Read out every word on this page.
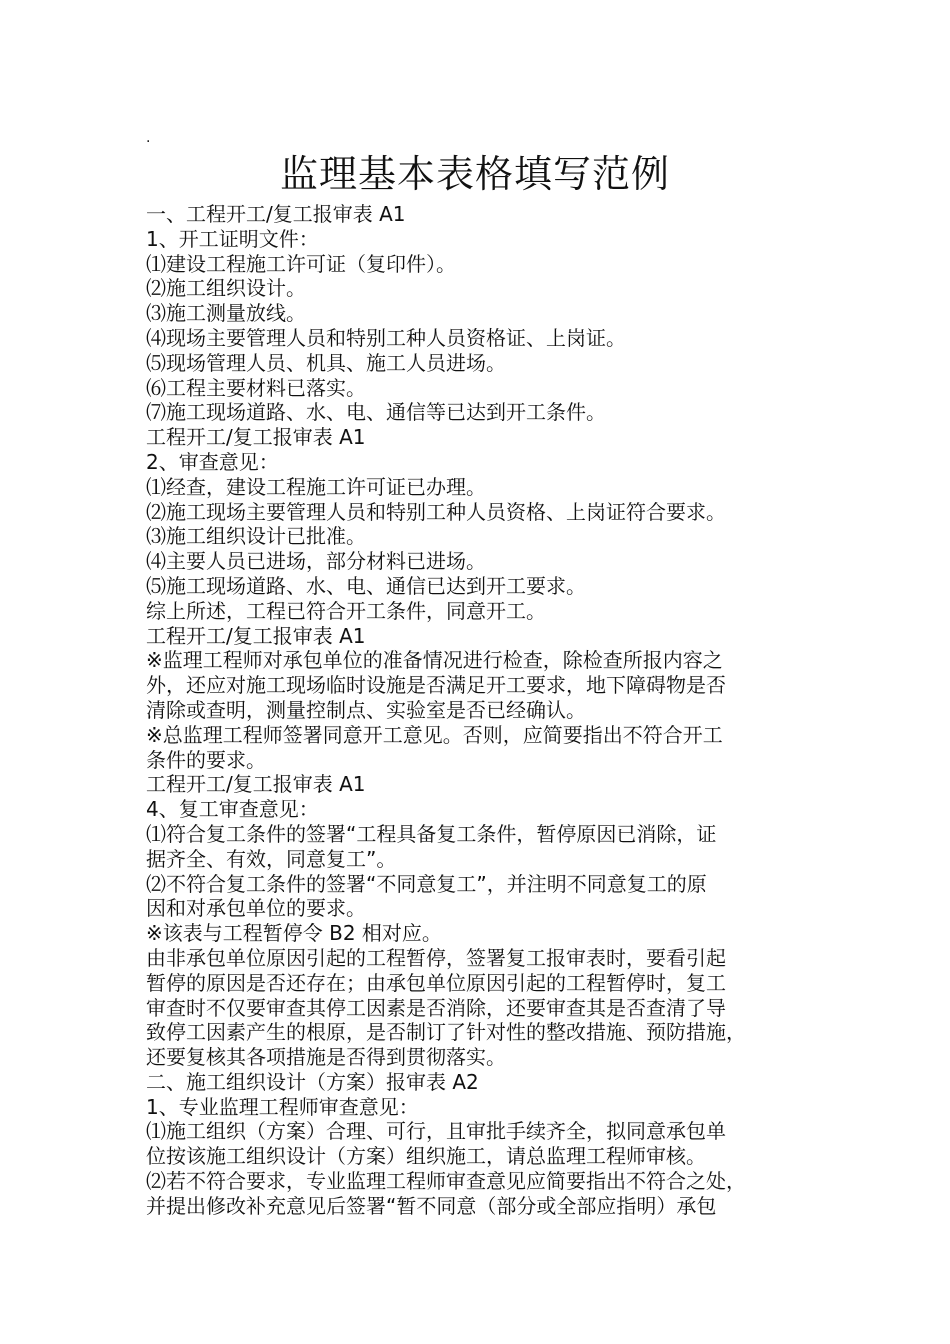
.
监理基本表格填写范例

一、工程开工/复工报审表 A1

1、开工证明文件：

⑴建设工程施工许可证（复印件）。

⑵施工组织设计。

⑶施工测量放线。

⑷现场主要管理人员和特别工种人员资格证、上岗证。

⑸现场管理人员、机具、施工人员进场。

⑹工程主要材料已落实。

⑺施工现场道路、水、电、通信等已达到开工条件。

工程开工/复工报审表 A1

2、审查意见：

⑴经查，建设工程施工许可证已办理。

⑵施工现场主要管理人员和特别工种人员资格、上岗证符合要求。

⑶施工组织设计已批准。

⑷主要人员已进场，部分材料已进场。

⑸施工现场道路、水、电、通信已达到开工要求。

综上所述，工程已符合开工条件，同意开工。

工程开工/复工报审表 A1

※监理工程师对承包单位的准备情况进行检查，除检查所报内容之

外，还应对施工现场临时设施是否满足开工要求，地下障碍物是否

清除或查明，测量控制点、实验室是否已经确认。

※总监理工程师签署同意开工意见。否则，应简要指出不符合开工

条件的要求。

工程开工/复工报审表 A1

4、复工审查意见：

⑴符合复工条件的签署“工程具备复工条件，暂停原因已消除，证

据齐全、有效，同意复工”。

⑵不符合复工条件的签署“不同意复工”，并注明不同意复工的原

因和对承包单位的要求。

※该表与工程暂停令 B2 相对应。

由非承包单位原因引起的工程暂停，签署复工报审表时，要看引起

暂停的原因是否还存在；由承包单位原因引起的工程暂停时，复工

审查时不仅要审查其停工因素是否消除，还要审查其是否查清了导

致停工因素产生的根原，是否制订了针对性的整改措施、预防措施，

还要复核其各项措施是否得到贯彻落实。

二、施工组织设计（方案）报审表 A2

1、专业监理工程师审查意见：

⑴施工组织（方案）合理、可行，且审批手续齐全，拟同意承包单

位按该施工组织设计（方案）组织施工，请总监理工程师审核。

⑵若不符合要求，专业监理工程师审查意见应简要指出不符合之处，

并提出修改补充意见后签署“暂不同意（部分或全部应指明）承包
